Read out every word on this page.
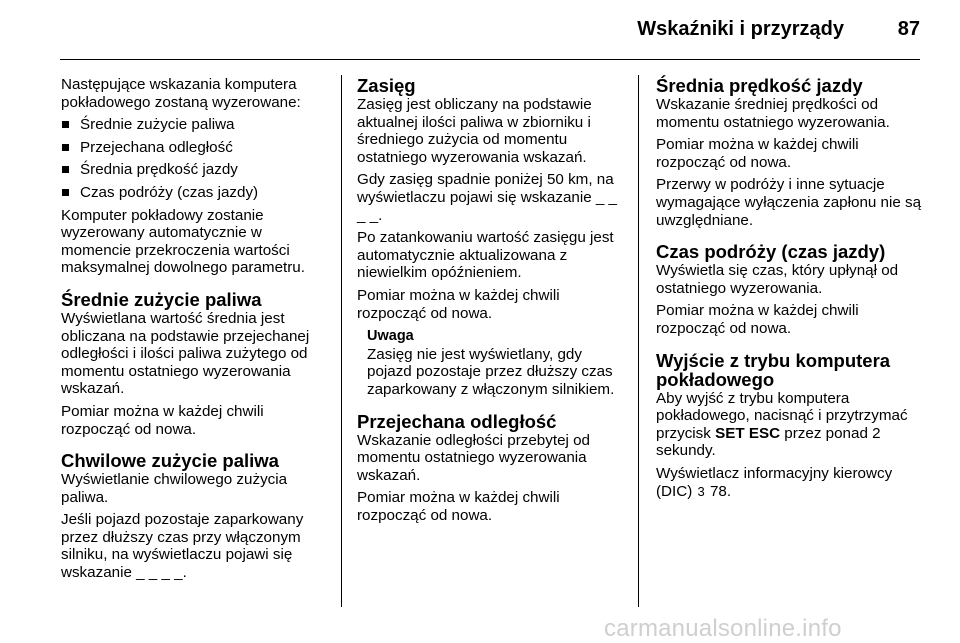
Wskaźniki i przyrządy	87

Następujące wskazania komputera pokładowego zostaną wyzerowane:

Średnie zużycie paliwa
Przejechana odległość
Średnia prędkość jazdy
Czas podróży (czas jazdy)

Komputer pokładowy zostanie wyzerowany automatycznie w momencie przekroczenia wartości maksymalnej dowolnego parametru.

Średnie zużycie paliwa

Wyświetlana wartość średnia jest obliczana na podstawie przejechanej odległości i ilości paliwa zużytego od momentu ostatniego wyzerowania wskazań.

Pomiar można w każdej chwili rozpocząć od nowa.

Chwilowe zużycie paliwa

Wyświetlanie chwilowego zużycia paliwa.

Jeśli pojazd pozostaje zaparkowany przez dłuższy czas przy włączonym silniku, na wyświetlaczu pojawi się wskazanie _ _ _ _.

Zasięg

Zasięg jest obliczany na podstawie aktualnej ilości paliwa w zbiorniku i średniego zużycia od momentu ostatniego wyzerowania wskazań.

Gdy zasięg spadnie poniżej 50 km, na wyświetlaczu pojawi się wskazanie _ _ _ _.

Po zatankowaniu wartość zasięgu jest automatycznie aktualizowana z niewielkim opóźnieniem.

Pomiar można w każdej chwili rozpocząć od nowa.

Uwaga
Zasięg nie jest wyświetlany, gdy pojazd pozostaje przez dłuższy czas zaparkowany z włączonym silnikiem.
Przejechana odległość

Wskazanie odległości przebytej od momentu ostatniego wyzerowania wskazań.

Pomiar można w każdej chwili rozpocząć od nowa.

Średnia prędkość jazdy

Wskazanie średniej prędkości od momentu ostatniego wyzerowania.

Pomiar można w każdej chwili rozpocząć od nowa.

Przerwy w podróży i inne sytuacje wymagające wyłączenia zapłonu nie są uwzględniane.

Czas podróży (czas jazdy)

Wyświetla się czas, który upłynął od ostatniego wyzerowania.

Pomiar można w każdej chwili rozpocząć od nowa.

Wyjście z trybu komputera pokładowego

Aby wyjść z trybu komputera pokładowego, nacisnąć i przytrzymać przycisk SET ESC przez ponad 2 sekundy.

Wyświetlacz informacyjny kierowcy (DIC) 3 78.

carmanualsonline.info
